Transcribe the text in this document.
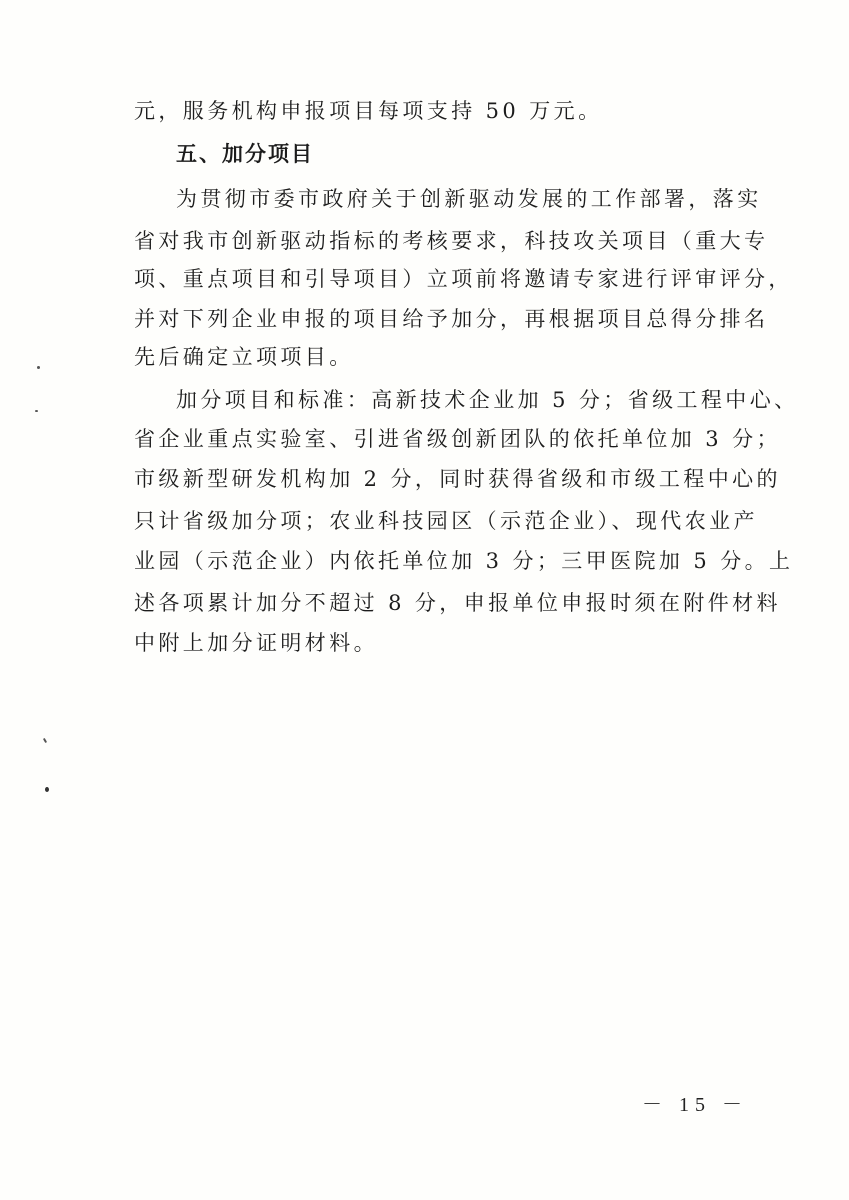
元，服务机构申报项目每项支持 50 万元。
五、加分项目
为贯彻市委市政府关于创新驱动发展的工作部署，落实
省对我市创新驱动指标的考核要求，科技攻关项目（重大专
项、重点项目和引导项目）立项前将邀请专家进行评审评分，
并对下列企业申报的项目给予加分，再根据项目总得分排名
先后确定立项项目。
加分项目和标准：高新技术企业加 5 分；省级工程中心、
省企业重点实验室、引进省级创新团队的依托单位加 3 分；
市级新型研发机构加 2 分，同时获得省级和市级工程中心的
只计省级加分项；农业科技园区（示范企业）、现代农业产
业园（示范企业）内依托单位加 3 分；三甲医院加 5 分。上
述各项累计加分不超过 8 分，申报单位申报时须在附件材料
中附上加分证明材料。
－ 15 －
